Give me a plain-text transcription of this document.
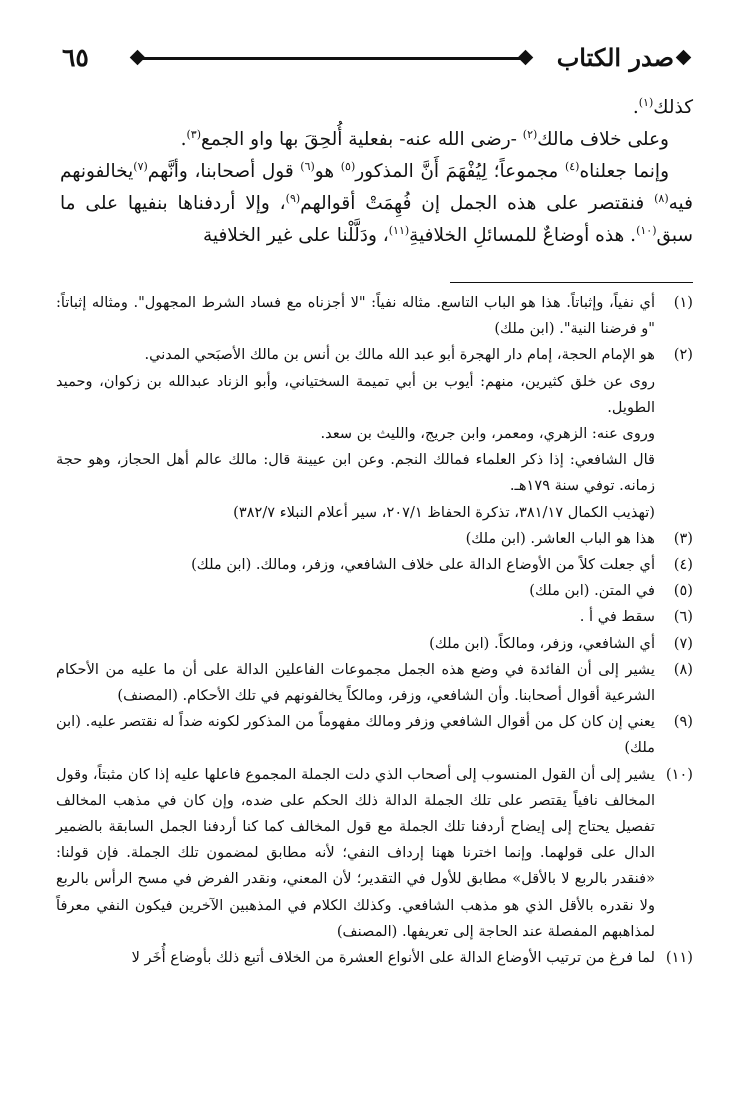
٦٥	صدر الكتاب

كذلك$^{(١)}$.

وعلى خلاف مالك$^{(٢)}$ -رضى الله عنه- بفعلية أُلحِقَ بها واو الجمع$^{(٣)}$.

وإنما جعلناه$^{(٤)}$ مجموعاً؛ لِيُفْهَمَ أَنَّ المذكور$^{(٥)}$ هو$^{(٦)}$ قول أصحابنا، وأنَّهم$^{(٧)}$يخالفونهم فيه$^{(٨)}$ فنقتصر على هذه الجمل إن فُهِمَتْ أقوالهم$^{(٩)}$، وإلا أردفناها بنفيها على ما سبق$^{(١٠)}$. هذه أوضاعٌ للمسائلِ الخلافيةِ$^{(١١)}$، ودَلَّلْنا على غير الخلافية

(١)
أي نفياً، وإثباتاً. هذا هو الباب التاسع. مثاله نفياً: "لا أجزناه مع فساد الشرط المجهول". ومثاله إثباتاً: "و فرضنا النية". (ابن ملك)
(٢)
هو الإمام الحجة، إمام دار الهجرة أبو عبد الله مالك بن أنس بن مالك الأصبَحي المدني.
روى عن خلق كثيرين، منهم: أيوب بن أبي تميمة السختياني، وأبو الزناد عبدالله بن زكوان، وحميد الطويل.
وروى عنه: الزهري، ومعمر، وابن جريج، والليث بن سعد.
قال الشافعي: إذا ذكر العلماء فمالك النجم. وعن ابن عيينة قال: مالك عالم أهل الحجاز، وهو حجة زمانه. توفي سنة ١٧٩هـ.
(تهذيب الكمال ٣٨١/١٧، تذكرة الحفاظ ٢٠٧/١، سير أعلام النبلاء ٣٨٢/٧)
(٣)
هذا هو الباب العاشر. (ابن ملك)
(٤)
أي جعلت كلاً من الأوضاع الدالة على خلاف الشافعي، وزفر، ومالك. (ابن ملك)
(٥)
في المتن. (ابن ملك)
(٦)
سقط في أ .
(٧)
أي الشافعي، وزفر، ومالكاً. (ابن ملك)
(٨)
يشير إلى أن الفائدة في وضع هذه الجمل مجموعات الفاعلين الدالة على أن ما عليه من الأحكام الشرعية أقوال أصحابنا. وأن الشافعي، وزفر، ومالكاً يخالفونهم في تلك الأحكام. (المصنف)
(٩)
يعني إن كان كل من أقوال الشافعي وزفر ومالك مفهوماً من المذكور لكونه ضداً له نقتصر عليه. (ابن ملك)
(١٠)
يشير إلى أن القول المنسوب إلى أصحاب الذي دلت الجملة المجموع فاعلها عليه إذا كان مثبتاً، وقول المخالف نافياً يقتصر على تلك الجملة الدالة ذلك الحكم على ضده، وإن كان في مذهب المخالف تفصيل يحتاج إلى إيضاح أردفنا تلك الجملة مع قول المخالف كما كنا أردفنا الجمل السابقة بالضمير الدال على قولهما. وإنما اخترنا ههنا إرداف النفي؛ لأنه مطابق لمضمون تلك الجملة. فإن قولنا: «فنقدر بالربع لا بالأقل» مطابق للأول في التقدير؛ لأن المعني، ونقدر الفرض في مسح الرأس بالربع ولا نقدره بالأقل الذي هو مذهب الشافعي. وكذلك الكلام في المذهبين الآخرين فيكون النفي معرفاً لمذاهبهم المفصلة عند الحاجة إلى تعريفها. (المصنف)
(١١)
لما فرغ من ترتيب الأوضاع الدالة على الأنواع العشرة من الخلاف أتبع ذلك بأوضاع أُخَر لا
